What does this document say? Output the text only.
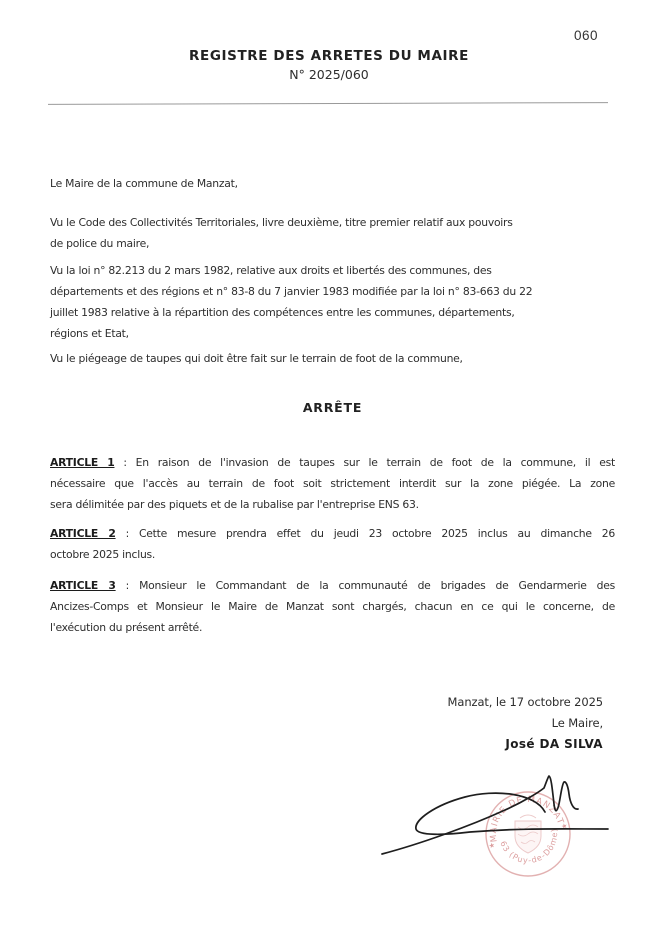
060
REGISTRE DES ARRETES DU MAIRE
N° 2025/060
Le Maire de la commune de Manzat,
Vu le Code des Collectivités Territoriales, livre deuxième, titre premier relatif aux pouvoirs
de police du maire,
Vu la loi n° 82.213 du 2 mars 1982, relative aux droits et libertés des communes, des
départements et des régions et n° 83-8 du 7 janvier 1983 modifiée par la loi n° 83-663 du 22
juillet 1983 relative à la répartition des compétences entre les communes, départements,
régions et Etat,
Vu le piégeage de taupes qui doit être fait sur le terrain de foot de la commune,
ARRÊTE
ARTICLE 1 : En raison de l'invasion de taupes sur le terrain de foot de la commune, il est
nécessaire que l'accès au terrain de foot soit strictement interdit sur la zone piégée. La zone
sera délimitée par des piquets et de la rubalise par l'entreprise ENS 63.
ARTICLE 2 : Cette mesure prendra effet du jeudi 23 octobre 2025 inclus au dimanche 26
octobre 2025 inclus.
ARTICLE 3 : Monsieur le Commandant de la communauté de brigades de Gendarmerie des
Ancizes-Comps et Monsieur le Maire de Manzat sont chargés, chacun en ce qui le concerne, de
l'exécution du présent arrêté.
Manzat, le 17 octobre 2025
Le Maire,
José DA SILVA
MAIRIE DE MANZAT
63 (Puy-de-Dôme)
★
★
